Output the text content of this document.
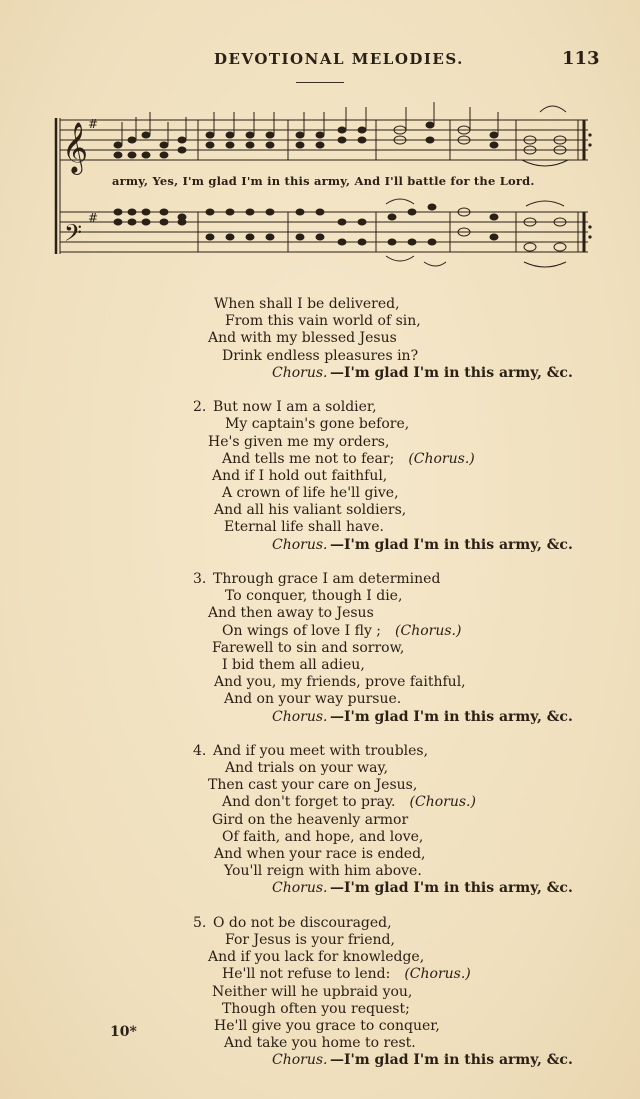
DEVOTIONAL MELODIES.	113
𝄞
𝄢
#
#
army, Yes, I'm glad I'm in this army, And I'll battle for the Lord.
When shall I be delivered,
From this vain world of sin,
And with my blessed Jesus
Drink endless pleasures in?
Chorus. —I'm glad I'm in this army, &c.
2. But now I am a soldier,
My captain's gone before,
He's given me my orders,
And tells me not to fear; (Chorus.)
And if I hold out faithful,
A crown of life he'll give,
And all his valiant soldiers,
Eternal life shall have.
Chorus. —I'm glad I'm in this army, &c.
3. Through grace I am determined
To conquer, though I die,
And then away to Jesus
On wings of love I fly ; (Chorus.)
Farewell to sin and sorrow,
I bid them all adieu,
And you, my friends, prove faithful,
And on your way pursue.
Chorus. —I'm glad I'm in this army, &c.
4. And if you meet with troubles,
And trials on your way,
Then cast your care on Jesus,
And don't forget to pray. (Chorus.)
Gird on the heavenly armor
Of faith, and hope, and love,
And when your race is ended,
You'll reign with him above.
Chorus. —I'm glad I'm in this army, &c.
5. O do not be discouraged,
For Jesus is your friend,
And if you lack for knowledge,
He'll not refuse to lend: (Chorus.)
Neither will he upbraid you,
Though often you request;
He'll give you grace to conquer,
And take you home to rest.
Chorus. —I'm glad I'm in this army, &c.
10*
